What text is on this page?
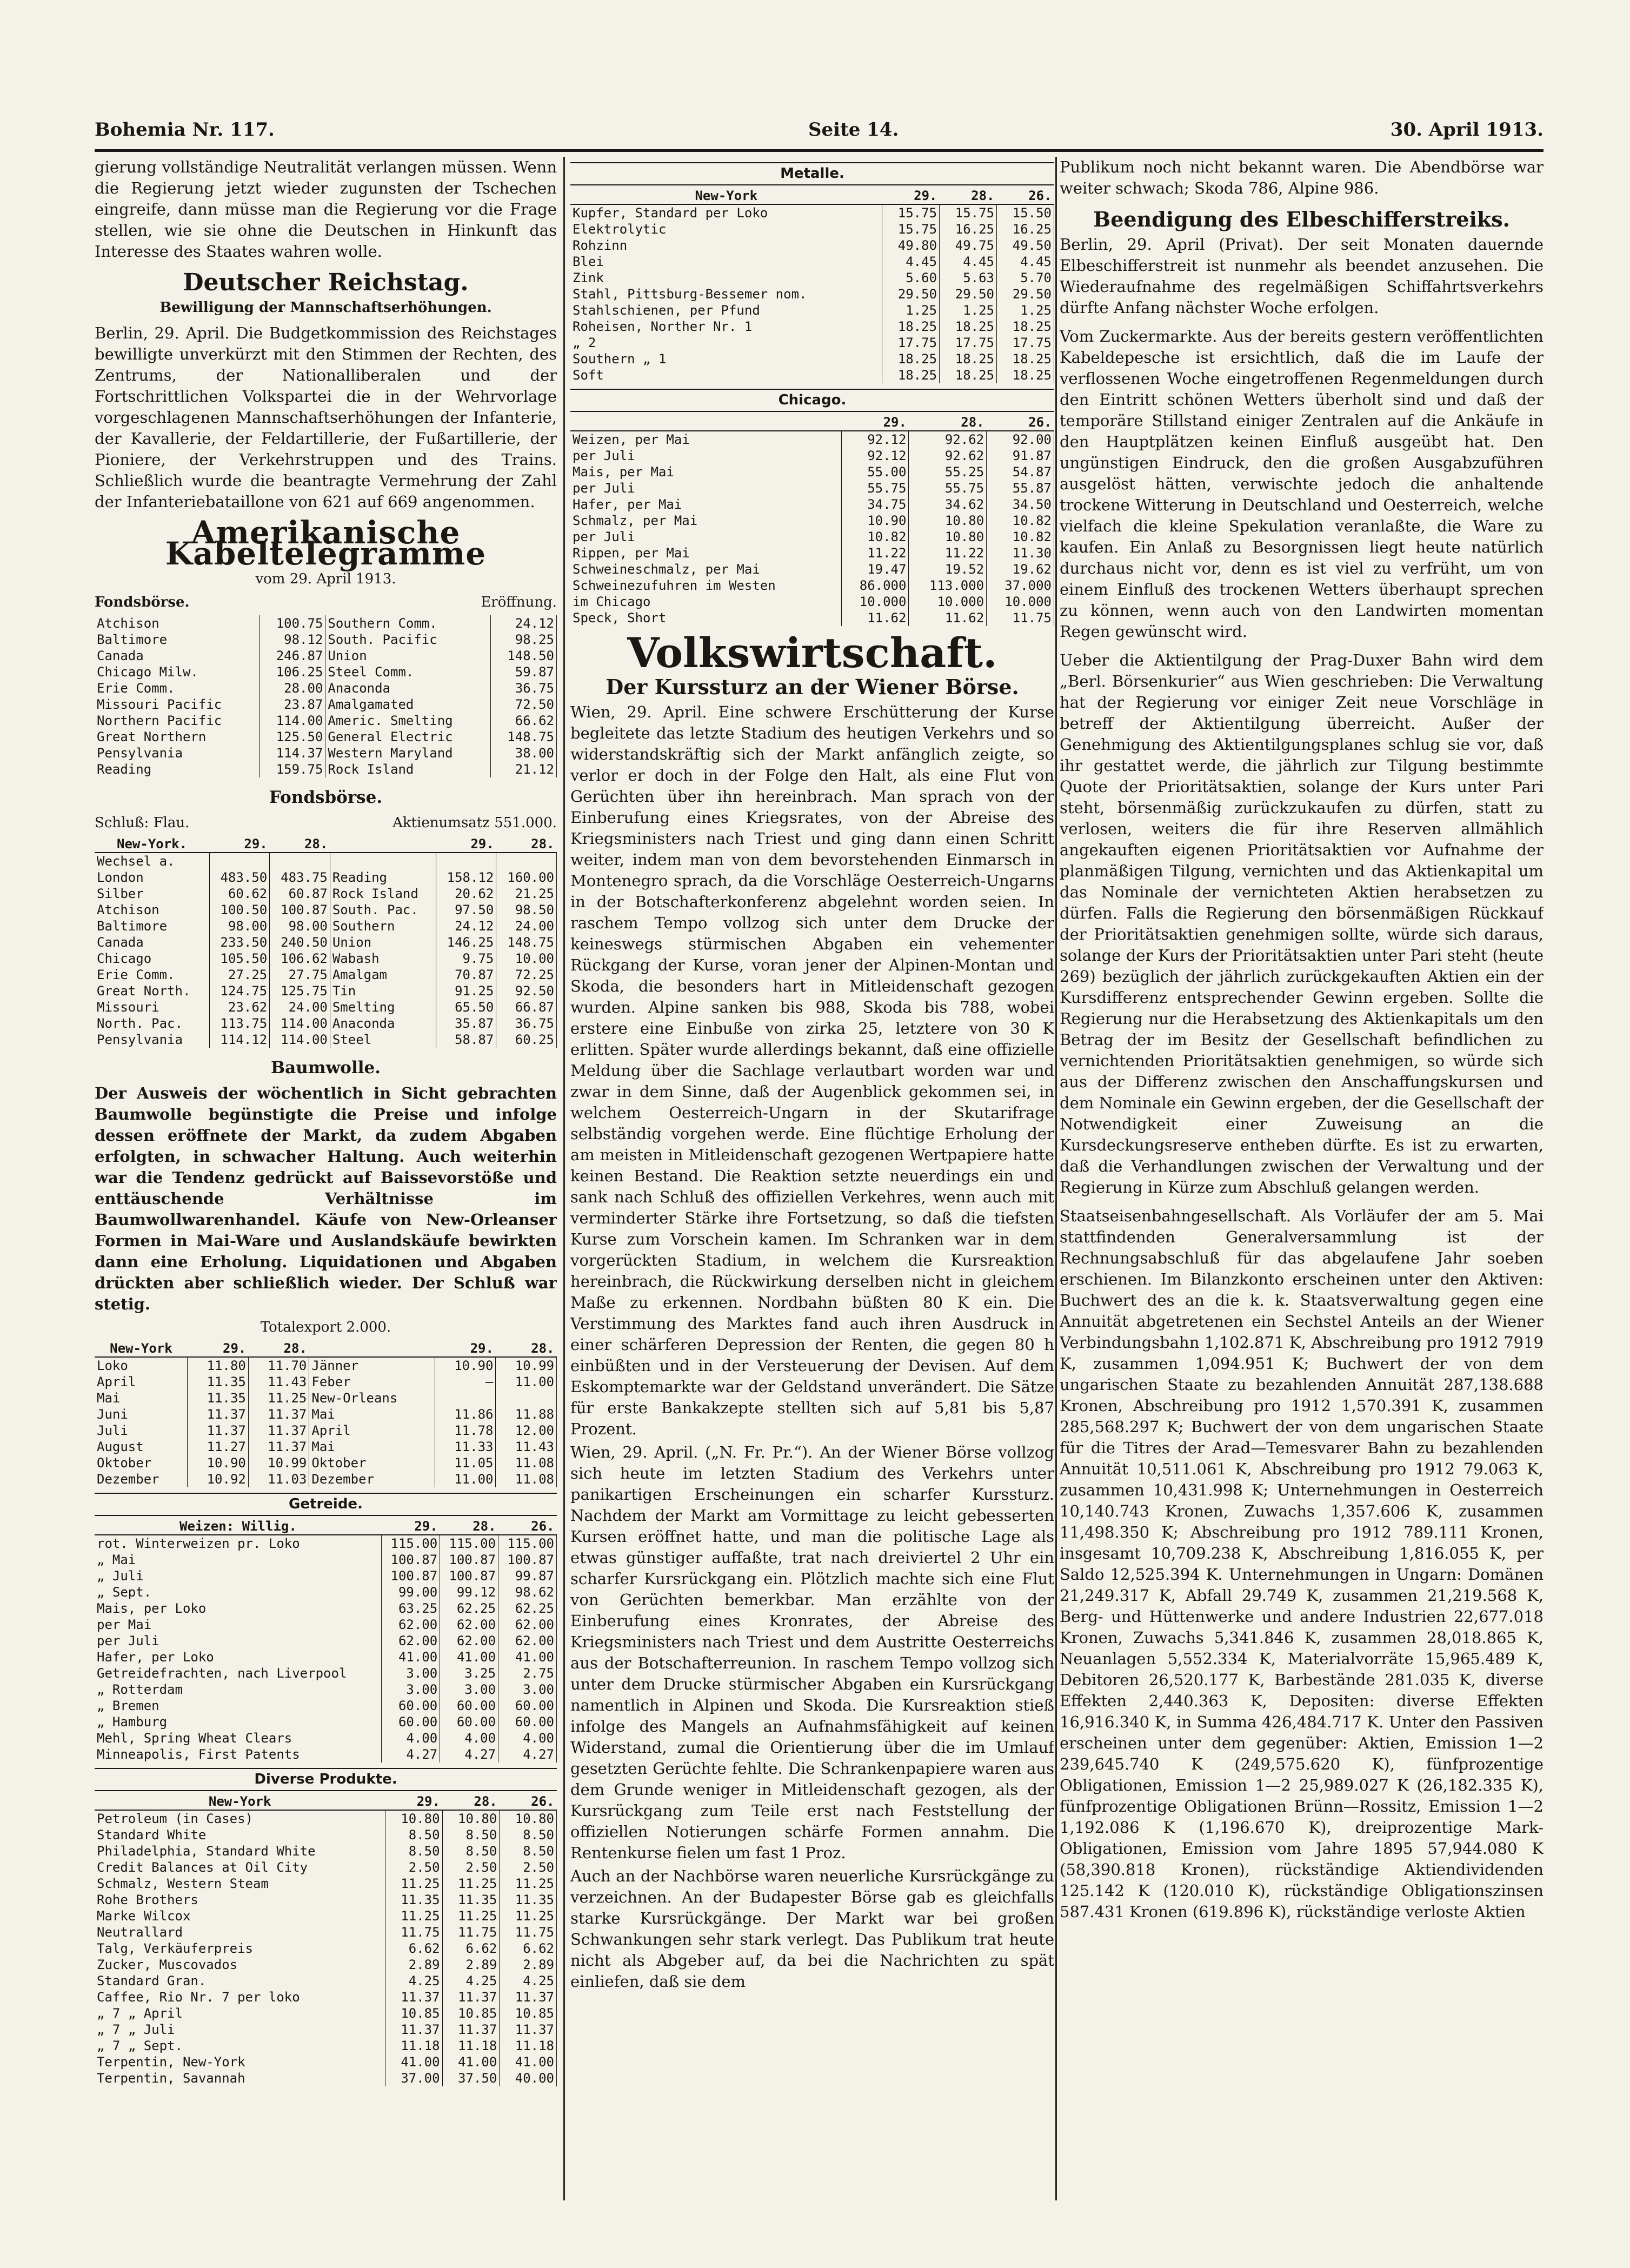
Bohemia Nr. 117.	Seite 14.	30. April 1913.

gierung vollständige Neutralität verlangen müssen. Wenn die Regierung jetzt wieder zugunsten der Tschechen eingreife, dann müsse man die Regierung vor die Frage stellen, wie sie ohne die Deutschen in Hinkunft das Interesse des Staates wahren wolle.

Deutscher Reichstag.
Bewilligung der Mannschaftserhöhungen.

Berlin, 29. April. Die Budgetkommission des Reichstages bewilligte unverkürzt mit den Stimmen der Rechten, des Zentrums, der Nationalliberalen und der Fortschrittlichen Volkspartei die in der Wehrvorlage vorgeschlagenen Mannschaftserhöhungen der Infanterie, der Kavallerie, der Feldartillerie, der Fußartillerie, der Pioniere, der Verkehrstruppen und des Trains. Schließlich wurde die beantragte Vermehrung der Zahl der Infanteriebataillone von 621 auf 669 angenommen.

Amerikanische Kabeltelegramme
vom 29. April 1913.
Fondsbörse.	Eröffnung.
Atchison	100.75	Southern Comm.	24.12
Baltimore	98.12	South. Pacific	98.25
Canada	246.87	Union	148.50
Chicago Milw.	106.25	Steel Comm.	59.87
Erie Comm.	28.00	Anaconda	36.75
Missouri Pacific	23.87	Amalgamated	72.50
Northern Pacific	114.00	Americ. Smelting	66.62
Great Northern	125.50	General Electric	148.75
Pensylvania	114.37	Western Maryland	38.00
Reading	159.75	Rock Island	21.12
Fondsbörse.
Schluß: Flau.	Aktienumsatz 551.000.
New-York.	29.	28.		29.	28.
Wechsel a.					
London	483.50	483.75	Reading	158.12	160.00
Silber	60.62	60.87	Rock Island	20.62	21.25
Atchison	100.50	100.87	South. Pac.	97.50	98.50
Baltimore	98.00	98.00	Southern	24.12	24.00
Canada	233.50	240.50	Union	146.25	148.75
Chicago	105.50	106.62	Wabash	9.75	10.00
Erie Comm.	27.25	27.75	Amalgam	70.87	72.25
Great North.	124.75	125.75	Tin	91.25	92.50
Missouri	23.62	24.00	Smelting	65.50	66.87
North. Pac.	113.75	114.00	Anaconda	35.87	36.75
Pensylvania	114.12	114.00	Steel	58.87	60.25
Baumwolle.

Der Ausweis der wöchentlich in Sicht gebrachten Baumwolle begünstigte die Preise und infolge dessen eröffnete der Markt, da zudem Abgaben erfolgten, in schwacher Haltung. Auch weiterhin war die Tendenz gedrückt auf Baissevorstöße und enttäuschende Verhältnisse im Baumwollwarenhandel. Käufe von New-Orleanser Formen in Mai-Ware und Auslandskäufe bewirkten dann eine Erholung. Liquidationen und Abgaben drückten aber schließlich wieder. Der Schluß war stetig.

Totalexport 2.000.
New-York	29.	28.		29.	28.
Loko	11.80	11.70	Jänner	10.90	10.99
April	11.35	11.43	Feber	—	11.00
Mai	11.35	11.25	New-Orleans		
Juni	11.37	11.37	Mai	11.86	11.88
Juli	11.37	11.37	April	11.78	12.00
August	11.27	11.37	Mai	11.33	11.43
Oktober	10.90	10.99	Oktober	11.05	11.08
Dezember	10.92	11.03	Dezember	11.00	11.08
Getreide.
Weizen: Willig.	29.	28.	26.
rot. Winterweizen pr. Loko	115.00	115.00	115.00
„ Mai	100.87	100.87	100.87
„ Juli	100.87	100.87	99.87
„ Sept.	99.00	99.12	98.62
Mais, per Loko	63.25	62.25	62.25
per Mai	62.00	62.00	62.00
per Juli	62.00	62.00	62.00
Hafer, per Loko	41.00	41.00	41.00
Getreidefrachten, nach Liverpool	3.00	3.25	2.75
„ Rotterdam	3.00	3.00	3.00
„ Bremen	60.00	60.00	60.00
„ Hamburg	60.00	60.00	60.00
Mehl, Spring Wheat Clears	4.00	4.00	4.00
Minneapolis, First Patents	4.27	4.27	4.27
Diverse Produkte.
New-York	29.	28.	26.
Petroleum (in Cases)	10.80	10.80	10.80
Standard White	8.50	8.50	8.50
Philadelphia, Standard White	8.50	8.50	8.50
Credit Balances at Oil City	2.50	2.50	2.50
Schmalz, Western Steam	11.25	11.25	11.25
Rohe Brothers	11.35	11.35	11.35
Marke Wilcox	11.25	11.25	11.25
Neutrallard	11.75	11.75	11.75
Talg, Verkäuferpreis	6.62	6.62	6.62
Zucker, Muscovados	2.89	2.89	2.89
Standard Gran.	4.25	4.25	4.25
Caffee, Rio Nr. 7 per loko	11.37	11.37	11.37
„ 7 „ April	10.85	10.85	10.85
„ 7 „ Juli	11.37	11.37	11.37
„ 7 „ Sept.	11.18	11.18	11.18
Terpentin, New-York	41.00	41.00	41.00
Terpentin, Savannah	37.00	37.50	40.00
Metalle.
New-York	29.	28.	26.
Kupfer, Standard per Loko	15.75	15.75	15.50
Elektrolytic	15.75	16.25	16.25
Rohzinn	49.80	49.75	49.50
Blei	4.45	4.45	4.45
Zink	5.60	5.63	5.70
Stahl, Pittsburg-Bessemer nom.	29.50	29.50	29.50
Stahlschienen, per Pfund	1.25	1.25	1.25
Roheisen, Norther Nr. 1	18.25	18.25	18.25
„ 2	17.75	17.75	17.75
Southern „ 1	18.25	18.25	18.25
Soft	18.25	18.25	18.25
Chicago.
	29.	28.	26.
Weizen, per Mai	92.12	92.62	92.00
per Juli	92.12	92.62	91.87
Mais, per Mai	55.00	55.25	54.87
per Juli	55.75	55.75	55.87
Hafer, per Mai	34.75	34.62	34.50
Schmalz, per Mai	10.90	10.80	10.82
per Juli	10.82	10.80	10.82
Rippen, per Mai	11.22	11.22	11.30
Schweineschmalz, per Mai	19.47	19.52	19.62
Schweinezufuhren im Westen	86.000	113.000	37.000
im Chicago	10.000	10.000	10.000
Speck, Short	11.62	11.62	11.75
Volkswirtschaft.
Der Kurssturz an der Wiener Börse.

Wien, 29. April. Eine schwere Erschütterung der Kurse begleitete das letzte Stadium des heutigen Verkehrs und so widerstandskräftig sich der Markt anfänglich zeigte, so verlor er doch in der Folge den Halt, als eine Flut von Gerüchten über ihn hereinbrach. Man sprach von der Einberufung eines Kriegsrates, von der Abreise des Kriegsministers nach Triest und ging dann einen Schritt weiter, indem man von dem bevorstehenden Einmarsch in Montenegro sprach, da die Vorschläge Oesterreich-Ungarns in der Botschafterkonferenz abgelehnt worden seien. In raschem Tempo vollzog sich unter dem Drucke der keineswegs stürmischen Abgaben ein vehementer Rückgang der Kurse, voran jener der Alpinen-Montan und Skoda, die besonders hart in Mitleidenschaft gezogen wurden. Alpine sanken bis 988, Skoda bis 788, wobei erstere eine Einbuße von zirka 25, letztere von 30 K erlitten. Später wurde allerdings bekannt, daß eine offizielle Meldung über die Sachlage verlautbart worden war und zwar in dem Sinne, daß der Augenblick gekommen sei, in welchem Oesterreich-Ungarn in der Skutarifrage selbständig vorgehen werde. Eine flüchtige Erholung der am meisten in Mitleidenschaft gezogenen Wertpapiere hatte keinen Bestand. Die Reaktion setzte neuerdings ein und sank nach Schluß des offiziellen Verkehres, wenn auch mit verminderter Stärke ihre Fortsetzung, so daß die tiefsten Kurse zum Vorschein kamen. Im Schranken war in dem vorgerückten Stadium, in welchem die Kursreaktion hereinbrach, die Rückwirkung derselben nicht in gleichem Maße zu erkennen. Nordbahn büßten 80 K ein. Die Verstimmung des Marktes fand auch ihren Ausdruck in einer schärferen Depression der Renten, die gegen 80 h einbüßten und in der Versteuerung der Devisen. Auf dem Eskomptemarkte war der Geldstand unverändert. Die Sätze für erste Bankakzepte stellten sich auf 5,81 bis 5,87 Prozent.

Wien, 29. April. („N. Fr. Pr.“). An der Wiener Börse vollzog sich heute im letzten Stadium des Verkehrs unter panikartigen Erscheinungen ein scharfer Kurssturz. Nachdem der Markt am Vormittage zu leicht gebesserten Kursen eröffnet hatte, und man die politische Lage als etwas günstiger auffaßte, trat nach dreiviertel 2 Uhr ein scharfer Kursrückgang ein. Plötzlich machte sich eine Flut von Gerüchten bemerkbar. Man erzählte von der Einberufung eines Kronrates, der Abreise des Kriegsministers nach Triest und dem Austritte Oesterreichs aus der Botschafterreunion. In raschem Tempo vollzog sich unter dem Drucke stürmischer Abgaben ein Kursrückgang namentlich in Alpinen und Skoda. Die Kursreaktion stieß infolge des Mangels an Aufnahmsfähigkeit auf keinen Widerstand, zumal die Orientierung über die im Umlauf gesetzten Gerüchte fehlte. Die Schrankenpapiere waren aus dem Grunde weniger in Mitleidenschaft gezogen, als der Kursrückgang zum Teile erst nach Feststellung der offiziellen Notierungen schärfe Formen annahm. Die Rentenkurse fielen um fast 1 Proz.

Auch an der Nachbörse waren neuerliche Kursrückgänge zu verzeichnen. An der Budapester Börse gab es gleichfalls starke Kursrückgänge. Der Markt war bei großen Schwankungen sehr stark verlegt. Das Publikum trat heute nicht als Abgeber auf, da bei die Nachrichten zu spät einliefen, daß sie dem

Publikum noch nicht bekannt waren. Die Abendbörse war weiter schwach; Skoda 786, Alpine 986.

Beendigung des Elbeschifferstreiks.

Berlin, 29. April (Privat). Der seit Monaten dauernde Elbeschifferstreit ist nunmehr als beendet anzusehen. Die Wiederaufnahme des regelmäßigen Schiffahrtsverkehrs dürfte Anfang nächster Woche erfolgen.

Vom Zuckermarkte. Aus der bereits gestern veröffentlichten Kabeldepesche ist ersichtlich, daß die im Laufe der verflossenen Woche eingetroffenen Regenmeldungen durch den Eintritt schönen Wetters überholt sind und daß der temporäre Stillstand einiger Zentralen auf die Ankäufe in den Hauptplätzen keinen Einfluß ausgeübt hat. Den ungünstigen Eindruck, den die großen Ausgabzuführen ausgelöst hätten, verwischte jedoch die anhaltende trockene Witterung in Deutschland und Oesterreich, welche vielfach die kleine Spekulation veranlaßte, die Ware zu kaufen. Ein Anlaß zu Besorgnissen liegt heute natürlich durchaus nicht vor, denn es ist viel zu verfrüht, um von einem Einfluß des trockenen Wetters überhaupt sprechen zu können, wenn auch von den Landwirten momentan Regen gewünscht wird.

Ueber die Aktientilgung der Prag-Duxer Bahn wird dem „Berl. Börsenkurier“ aus Wien geschrieben: Die Verwaltung hat der Regierung vor einiger Zeit neue Vorschläge in betreff der Aktientilgung überreicht. Außer der Genehmigung des Aktientilgungsplanes schlug sie vor, daß ihr gestattet werde, die jährlich zur Tilgung bestimmte Quote der Prioritätsaktien, solange der Kurs unter Pari steht, börsenmäßig zurückzukaufen zu dürfen, statt zu verlosen, weiters die für ihre Reserven allmählich angekauften eigenen Prioritätsaktien vor Aufnahme der planmäßigen Tilgung, vernichten und das Aktienkapital um das Nominale der vernichteten Aktien herabsetzen zu dürfen. Falls die Regierung den börsenmäßigen Rückkauf der Prioritätsaktien genehmigen sollte, würde sich daraus, solange der Kurs der Prioritätsaktien unter Pari steht (heute 269) bezüglich der jährlich zurückgekauften Aktien ein der Kursdifferenz entsprechender Gewinn ergeben. Sollte die Regierung nur die Herabsetzung des Aktienkapitals um den Betrag der im Besitz der Gesellschaft befindlichen zu vernichtenden Prioritätsaktien genehmigen, so würde sich aus der Differenz zwischen den Anschaffungskursen und dem Nominale ein Gewinn ergeben, der die Gesellschaft der Notwendigkeit einer Zuweisung an die Kursdeckungsreserve entheben dürfte. Es ist zu erwarten, daß die Verhandlungen zwischen der Verwaltung und der Regierung in Kürze zum Abschluß gelangen werden.

Staatseisenbahngesellschaft. Als Vorläufer der am 5. Mai stattfindenden Generalversammlung ist der Rechnungsabschluß für das abgelaufene Jahr soeben erschienen. Im Bilanzkonto erscheinen unter den Aktiven: Buchwert des an die k. k. Staatsverwaltung gegen eine Annuität abgetretenen ein Sechstel Anteils an der Wiener Verbindungsbahn 1,102.871 K, Abschreibung pro 1912 7919 K, zusammen 1,094.951 K; Buchwert der von dem ungarischen Staate zu bezahlenden Annuität 287,138.688 Kronen, Abschreibung pro 1912 1,570.391 K, zusammen 285,568.297 K; Buchwert der von dem ungarischen Staate für die Titres der Arad—Temesvarer Bahn zu bezahlenden Annuität 10,511.061 K, Abschreibung pro 1912 79.063 K, zusammen 10,431.998 K; Unternehmungen in Oesterreich 10,140.743 Kronen, Zuwachs 1,357.606 K, zusammen 11,498.350 K; Abschreibung pro 1912 789.111 Kronen, insgesamt 10,709.238 K, Abschreibung 1,816.055 K, per Saldo 12,525.394 K. Unternehmungen in Ungarn: Domänen 21,249.317 K, Abfall 29.749 K, zusammen 21,219.568 K, Berg- und Hüttenwerke und andere Industrien 22,677.018 Kronen, Zuwachs 5,341.846 K, zusammen 28,018.865 K, Neuanlagen 5,552.334 K, Materialvorräte 15,965.489 K, Debitoren 26,520.177 K, Barbestände 281.035 K, diverse Effekten 2,440.363 K, Depositen: diverse Effekten 16,916.340 K, in Summa 426,484.717 K. Unter den Passiven erscheinen unter dem gegenüber: Aktien, Emission 1—2 239,645.740 K (249,575.620 K), fünfprozentige Obligationen, Emission 1—2 25,989.027 K (26,182.335 K), fünfprozentige Obligationen Brünn—Rossitz, Emission 1—2 1,192.086 K (1,196.670 K), dreiprozentige Mark-Obligationen, Emission vom Jahre 1895 57,944.080 K (58,390.818 Kronen), rückständige Aktiendividenden 125.142 K (120.010 K), rückständige Obligationszinsen 587.431 Kronen (619.896 K), rückständige verloste Aktien
